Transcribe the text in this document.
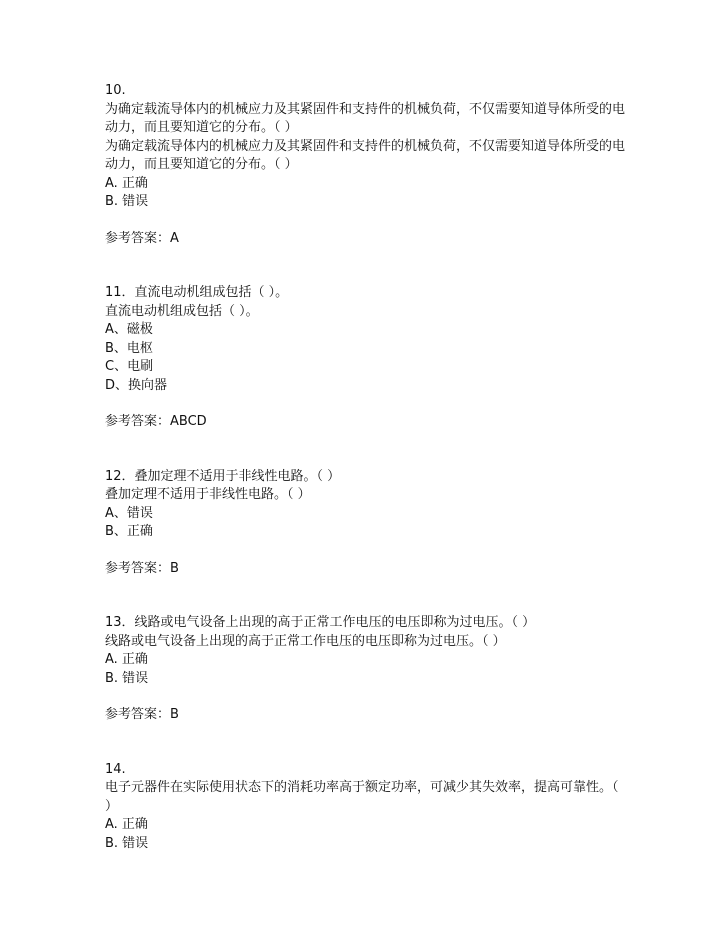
10.
为确定载流导体内的机械应力及其紧固件和支持件的机械负荷，不仅需要知道导体所受的电动力，而且要知道它的分布。（ ）
为确定载流导体内的机械应力及其紧固件和支持件的机械负荷，不仅需要知道导体所受的电动力，而且要知道它的分布。（ ）
A. 正确
B. 错误
参考答案：A
11．直流电动机组成包括（ ）。
直流电动机组成包括（ ）。
A、磁极
B、电枢
C、电刷
D、换向器
参考答案：ABCD
12．叠加定理不适用于非线性电路。（ ）
叠加定理不适用于非线性电路。（ ）
A、错误
B、正确
参考答案：B
13．线路或电气设备上出现的高于正常工作电压的电压即称为过电压。（ ）
线路或电气设备上出现的高于正常工作电压的电压即称为过电压。（ ）
A. 正确
B. 错误
参考答案：B
14.
电子元器件在实际使用状态下的消耗功率高于额定功率，可减少其失效率，提高可靠性。（ ）
A. 正确
B. 错误
